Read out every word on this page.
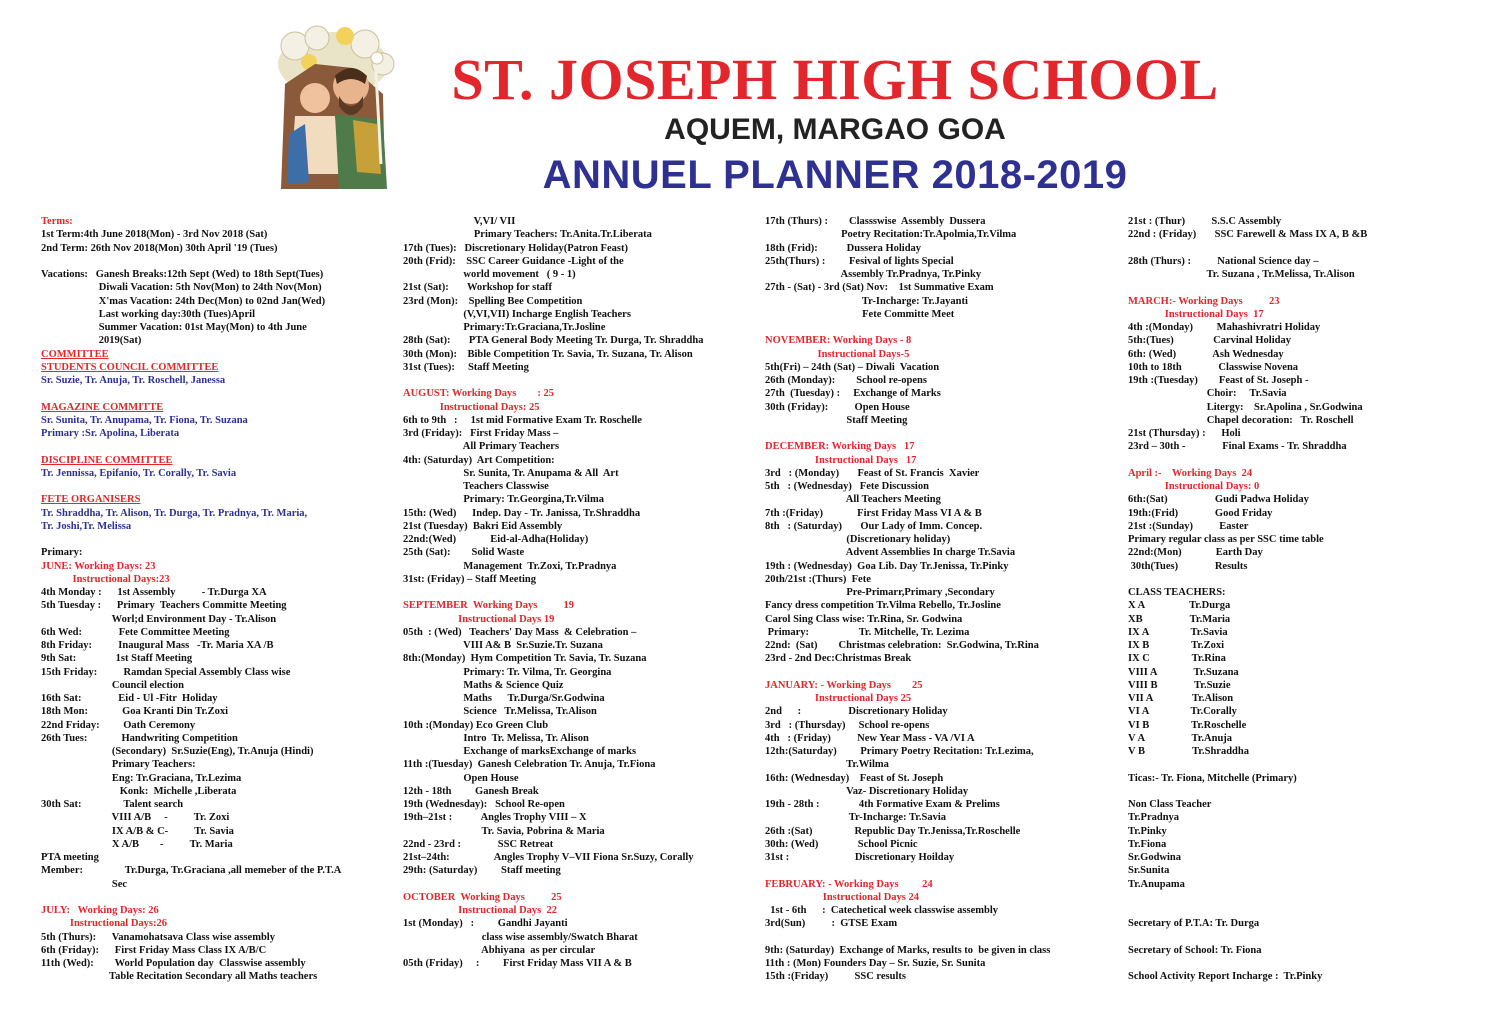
ST. JOSEPH HIGH SCHOOL
AQUEM, MARGAO GOA
ANNUEL PLANNER 2018-2019
Terms:
1st Term:4th June 2018(Mon) - 3rd Nov 2018 (Sat)
2nd Term: 26th Nov 2018(Mon) 30th April '19 (Tues)
Vacations:   Ganesh Breaks:12th Sept (Wed) to 18th Sept(Tues)
Diwali Vacation: 5th Nov(Mon) to 24th Nov(Mon)
X'mas Vacation: 24th Dec(Mon) to 02nd Jan(Wed)
Last working day:30th (Tues)April
Summer Vacation: 01st May(Mon) to 4th June
2019(Sat)
COMMITTEE
STUDENTS COUNCIL COMMITTEE
Sr. Suzie, Tr. Anuja, Tr. Roschell, Janessa
MAGAZINE COMMITTE
Sr. Sunita, Tr. Anupama, Tr. Fiona, Tr. Suzana
Primary :Sr. Apolina, Liberata
DISCIPLINE COMMITTEE
Tr. Jennissa, Epifanio, Tr. Corally, Tr. Savia
FETE ORGANISERS
Tr. Shraddha, Tr. Alison, Tr. Durga, Tr. Pradnya, Tr. Maria,
Tr. Joshi,Tr. Melissa
Primary:
JUNE: Working Days: 23
Instructional Days:23
4th Monday :      1st Assembly          - Tr.Durga XA
5th Tuesday :      Primary  Teachers Committe Meeting
Worl;d Environment Day - Tr.Alison
6th Wed:              Fete Committee Meeting
8th Friday:          Inaugural Mass   -Tr. Maria XA /B
9th Sat:               1st Staff Meeting
15th Friday:          Ramdan Special Assembly Class wise
Council election
16th Sat:              Eid - Ul -Fitr  Holiday
18th Mon:             Goa Kranti Din Tr.Zoxi
22nd Friday:         Oath Ceremony
26th Tues:             Handwriting Competition
(Secondary)  Sr.Suzie(Eng), Tr.Anuja (Hindi)
Primary Teachers:
Eng: Tr.Graciana, Tr.Lezima
Konk:  Michelle ,Liberata
30th Sat:                Talent search
VIII A/B     -          Tr. Zoxi
IX A/B & C-          Tr. Savia
X A/B        -          Tr. Maria
PTA meeting
Member:                Tr.Durga, Tr.Graciana ,all memeber of the P.T.A
Sec
JULY:   Working Days: 26
Instructional Days:26
5th (Thurs):      Vanamohatsava Class wise assembly
6th (Friday):      First Friday Mass Class IX A/B/C
11th (Wed):        World Population day  Classwise assembly
Table Recitation Secondary all Maths teachers
V,VI/ VII
Primary Teachers: Tr.Anita.Tr.Liberata
17th (Tues):   Discretionary Holiday(Patron Feast)
20th (Frid):    SSC Career Guidance -Light of the
world movement   ( 9 - 1)
21st (Sat):       Workshop for staff
23rd (Mon):    Spelling Bee Competition
(V,VI,VII) Incharge English Teachers
Primary:Tr.Graciana,Tr.Josline
28th (Sat):       PTA General Body Meeting Tr. Durga, Tr. Shraddha
30th (Mon):    Bible Competition Tr. Savia, Tr. Suzana, Tr. Alison
31st (Tues):     Staff Meeting
AUGUST: Working Days        : 25
Instructional Days: 25
6th to 9th   :     1st mid Formative Exam Tr. Roschelle
3rd (Friday):   First Friday Mass –
All Primary Teachers
4th: (Saturday)  Art Competition:
Sr. Sunita, Tr. Anupama & All  Art
Teachers Classwise
Primary: Tr.Georgina,Tr.Vilma
15th: (Wed)      Indep. Day - Tr. Janissa, Tr.Shraddha
21st (Tuesday)  Bakri Eid Assembly
22nd:(Wed)             Eid-al-Adha(Holiday)
25th (Sat):        Solid Waste
Management  Tr.Zoxi, Tr.Pradnya
31st: (Friday) – Staff Meeting
SEPTEMBER  Working Days          19
Instructional Days 19
05th  : (Wed)   Teachers' Day Mass  & Celebration –
VIII A& B  Sr.Suzie.Tr. Suzana
8th:(Monday)  Hym Competition Tr. Savia, Tr. Suzana
Primary: Tr. Vilma, Tr. Georgina
Maths & Science Quiz
Maths      Tr.Durga/Sr.Godwina
Science   Tr.Melissa, Tr.Alison
10th :(Monday) Eco Green Club
Intro  Tr. Melissa, Tr. Alison
Exchange of marksExchange of marks
11th :(Tuesday)  Ganesh Celebration Tr. Anuja, Tr.Fiona
Open House
12th - 18th         Ganesh Break
19th (Wednesday):   School Re-open
19th–21st :           Angles Trophy VIII – X
Tr. Savia, Pobrina & Maria
22nd - 23rd :              SSC Retreat
21st–24th:                 Angles Trophy V–VII Fiona Sr.Suzy, Corally
29th: (Saturday)         Staff meeting
OCTOBER  Working Days          25
Instructional Days  22
1st (Monday)   :         Gandhi Jayanti
class wise assembly/Swatch Bharat
Abhiyana  as per circular
05th (Friday)     :         First Friday Mass VII A & B
17th (Thurs) :        Classswise  Assembly  Dussera
Poetry Recitation:Tr.Apolmia,Tr.Vilma
18th (Frid):           Dussera Holiday
25th(Thurs) :         Fesival of lights Special
Assembly Tr.Pradnya, Tr.Pinky
27th - (Sat) - 3rd (Sat) Nov:    1st Summative Exam
Tr-Incharge: Tr.Jayanti
Fete Committe Meet
NOVEMBER: Working Days - 8
Instructional Days-5
5th(Fri) – 24th (Sat) – Diwali  Vacation
26th (Monday):        School re-opens
27th  (Tuesday) :     Exchange of Marks
30th (Friday):          Open House
Staff Meeting
DECEMBER: Working Days   17
Instructional Days   17
3rd   : (Monday)       Feast of St. Francis  Xavier
5th   : (Wednesday)   Fete Discussion
All Teachers Meeting
7th :(Friday)             First Friday Mass VI A & B
8th   : (Saturday)       Our Lady of Imm. Concep.
(Discretionary holiday)
Advent Assemblies In charge Tr.Savia
19th : (Wednesday)  Goa Lib. Day Tr.Jenissa, Tr.Pinky
20th/21st :(Thurs)  Fete
Pre-Primarr,Primary ,Secondary
Fancy dress competition Tr.Vilma Rebello, Tr.Josline
Carol Sing Class wise: Tr.Rina, Sr. Godwina
Primary:                   Tr. Mitchelle, Tr. Lezima
22nd:  (Sat)        Christmas celebration:  Sr.Godwina, Tr.Rina
23rd - 2nd Dec:Christmas Break
JANUARY: - Working Days        25
Instructional Days 25
2nd      :                  Discretionary Holiday
3rd   : (Thursday)     School re-opens
4th   : (Friday)          New Year Mass - VA /VI A
12th:(Saturday)         Primary Poetry Recitation: Tr.Lezima,
Tr.Wilma
16th: (Wednesday)    Feast of St. Joseph
Vaz- Discretionary Holiday
19th - 28th :               4th Formative Exam & Prelims
Tr-Incharge: Tr.Savia
26th :(Sat)                Republic Day Tr.Jenissa,Tr.Roschelle
30th: (Wed)               School Picnic
31st :                         Discretionary Hoilday
FEBRUARY: - Working Days         24
Instructional Days 24
1st - 6th      :  Catechetical week classwise assembly
3rd(Sun)          :  GTSE Exam
9th: (Saturday)  Exchange of Marks, results to  be given in class
11th : (Mon) Founders Day – Sr. Suzie, Sr. Sunita
15th :(Friday)          SSC results
21st : (Thur)          S.S.C Assembly
22nd : (Friday)       SSC Farewell & Mass IX A, B &B
28th (Thurs) :          National Science day –
Tr. Suzana , Tr.Melissa, Tr.Alison
MARCH:- Working Days          23
Instructional Days  17
4th :(Monday)         Mahashivratri Holiday
5th:(Tues)               Carvinal Holiday
6th: (Wed)              Ash Wednesday
10th to 18th              Classwise Novena
19th :(Tuesday)        Feast of St. Joseph -
Choir:     Tr.Savia
Litergy:    Sr.Apolina , Sr.Godwina
Chapel decoration:   Tr. Roschell
21st (Thursday) :      Holi
23rd – 30th -              Final Exams - Tr. Shraddha
April :-    Working Days  24
Instructional Days: 0
6th:(Sat)                  Gudi Padwa Holiday
19th:(Frid)              Good Friday
21st :(Sunday)          Easter
Primary regular class as per SSC time table
22nd:(Mon)             Earth Day
30th(Tues)              Results
CLASS TEACHERS:
X A                 Tr.Durga
XB                  Tr.Maria
IX A                Tr.Savia
IX B                Tr.Zoxi
IX C                Tr.Rina
VIII A              Tr.Suzana
VIII B              Tr.Suzie
VII A               Tr.Alison
VI A                Tr.Corally
VI B                Tr.Roschelle
V A                  Tr.Anuja
V B                  Tr.Shraddha
Ticas:- Tr. Fiona, Mitchelle (Primary)
Non Class Teacher
Tr.Pradnya
Tr.Pinky
Tr.Fiona
Sr.Godwina
Sr.Sunita
Tr.Anupama
Secretary of P.T.A: Tr. Durga
Secretary of School: Tr. Fiona
School Activity Report Incharge :  Tr.Pinky
